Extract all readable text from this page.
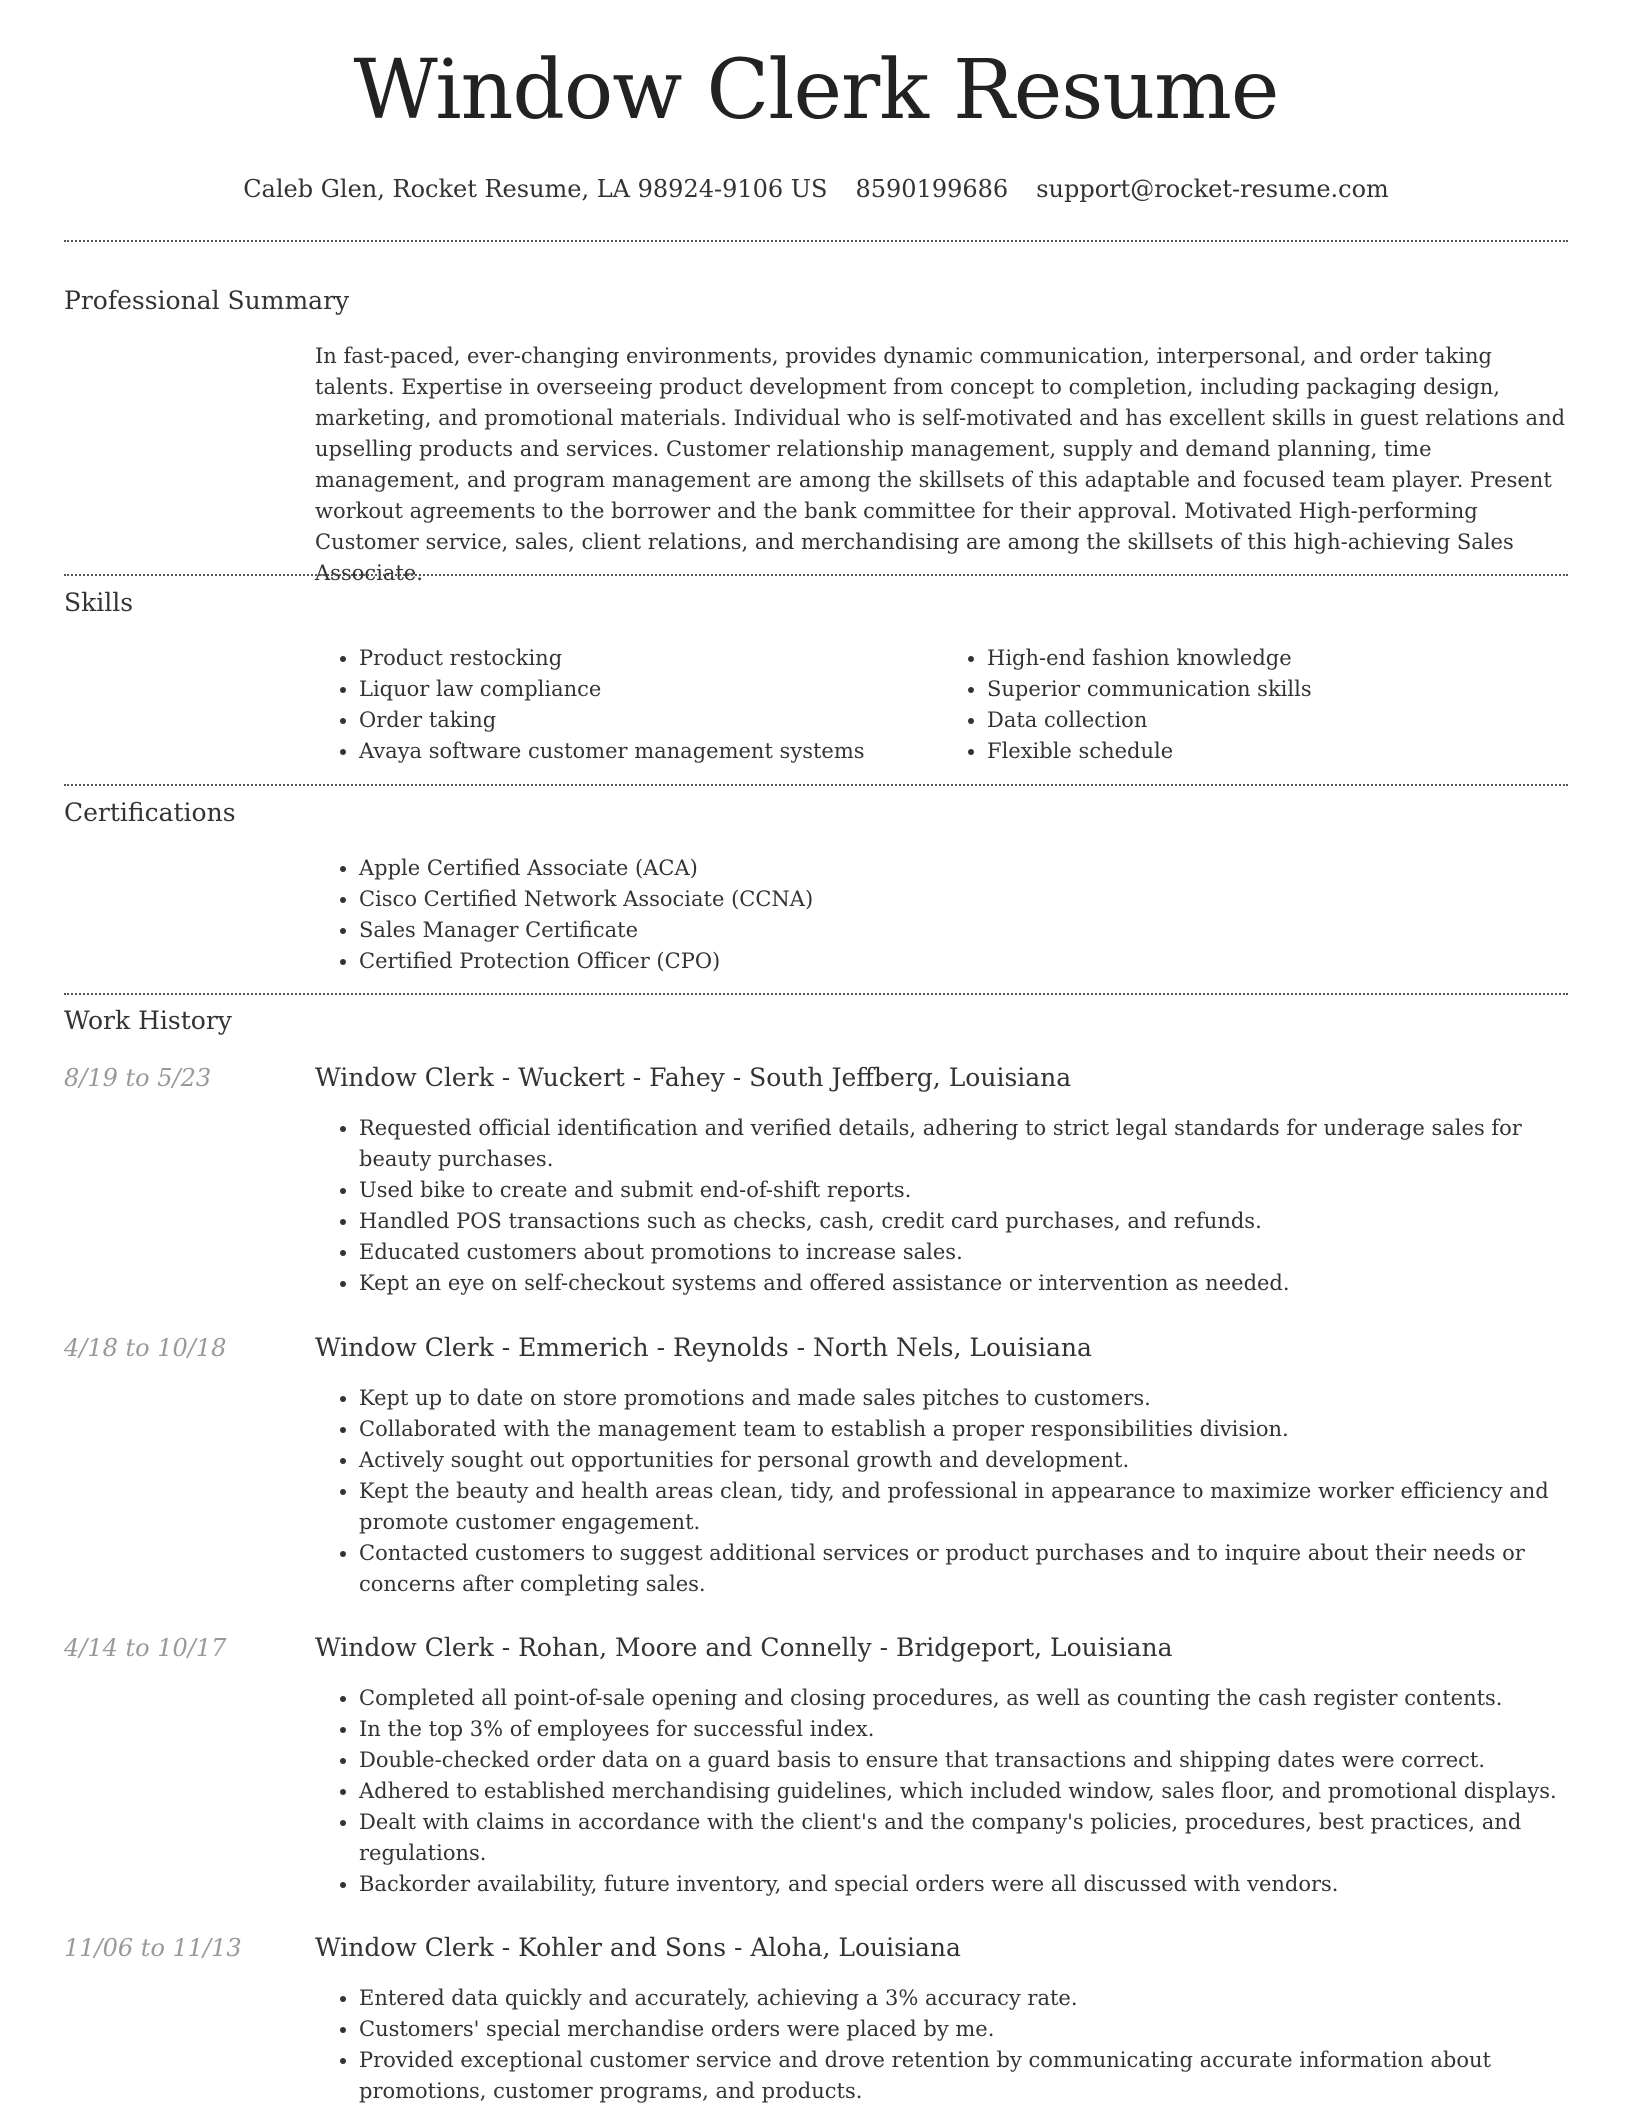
Window Clerk Resume
Caleb Glen, Rocket Resume, LA 98924-9106 US 8590199686 support@rocket-resume.com
Professional Summary

In fast-paced, ever-changing environments, provides dynamic communication, interpersonal, and order taking talents. Expertise in overseeing product development from concept to completion, including packaging design, marketing, and promotional materials. Individual who is self-motivated and has excellent skills in guest relations and upselling products and services. Customer relationship management, supply and demand planning, time management, and program management are among the skillsets of this adaptable and focused team player. Present workout agreements to the borrower and the bank committee for their approval. Motivated High-performing Customer service, sales, client relations, and merchandising are among the skillsets of this high-achieving Sales Associate.

Skills
• Product restocking
• Liquor law compliance
• Order taking
• Avaya software customer management systems
• High-end fashion knowledge
• Superior communication skills
• Data collection
• Flexible schedule
Certifications
• Apple Certified Associate (ACA)
• Cisco Certified Network Associate (CCNA)
• Sales Manager Certificate
• Certified Protection Officer (CPO)
Work History
8/19 to 5/23	Window Clerk - Wuckert - Fahey - South Jeffberg, Louisiana
• Requested official identification and verified details, adhering to strict legal standards for underage sales for beauty purchases.
• Used bike to create and submit end-of-shift reports.
• Handled POS transactions such as checks, cash, credit card purchases, and refunds.
• Educated customers about promotions to increase sales.
• Kept an eye on self-checkout systems and offered assistance or intervention as needed.
4/18 to 10/18	Window Clerk - Emmerich - Reynolds - North Nels, Louisiana
• Kept up to date on store promotions and made sales pitches to customers.
• Collaborated with the management team to establish a proper responsibilities division.
• Actively sought out opportunities for personal growth and development.
• Kept the beauty and health areas clean, tidy, and professional in appearance to maximize worker efficiency and promote customer engagement.
• Contacted customers to suggest additional services or product purchases and to inquire about their needs or concerns after completing sales.
4/14 to 10/17	Window Clerk - Rohan, Moore and Connelly - Bridgeport, Louisiana
• Completed all point-of-sale opening and closing procedures, as well as counting the cash register contents.
• In the top 3% of employees for successful index.
• Double-checked order data on a guard basis to ensure that transactions and shipping dates were correct.
• Adhered to established merchandising guidelines, which included window, sales floor, and promotional displays.
• Dealt with claims in accordance with the client's and the company's policies, procedures, best practices, and regulations.
• Backorder availability, future inventory, and special orders were all discussed with vendors.
11/06 to 11/13	Window Clerk - Kohler and Sons - Aloha, Louisiana
• Entered data quickly and accurately, achieving a 3% accuracy rate.
• Customers' special merchandise orders were placed by me.
• Provided exceptional customer service and drove retention by communicating accurate information about promotions, customer programs, and products.
